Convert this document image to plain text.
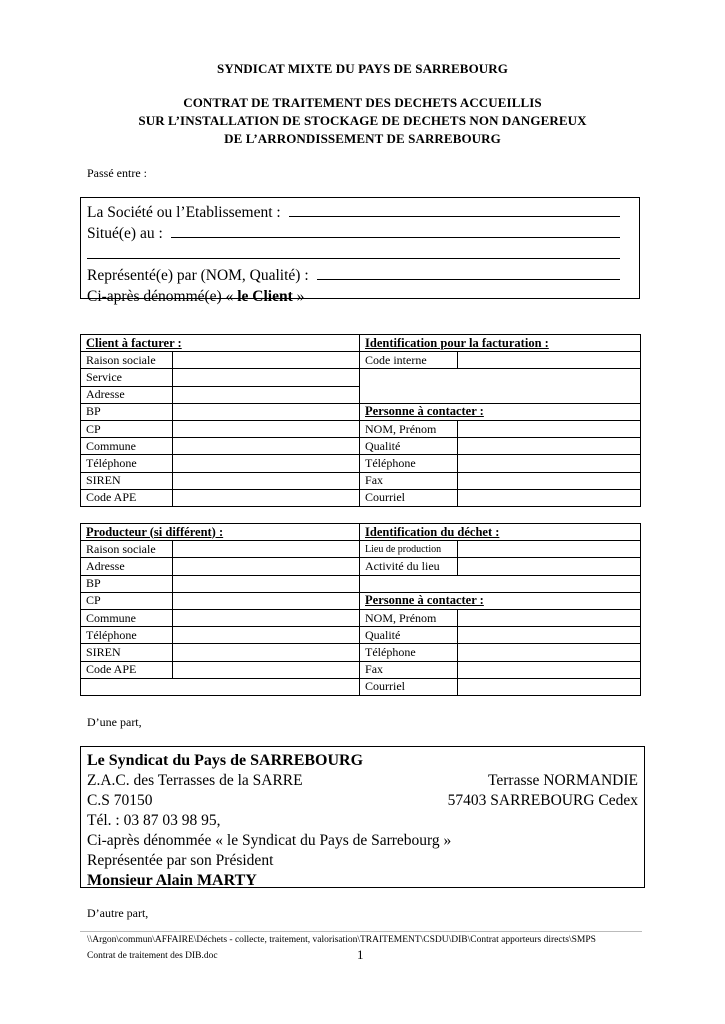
SYNDICAT MIXTE DU PAYS DE SARREBOURG
CONTRAT DE TRAITEMENT DES DECHETS ACCUEILLIS
SUR L’INSTALLATION DE STOCKAGE DE DECHETS NON DANGEREUX
DE L’ARRONDISSEMENT DE SARREBOURG
Passé entre :
La Société ou l’Etablissement :
Situé(e) au :
Représenté(e) par (NOM, Qualité) :
Ci-après dénommé(e) «
le Client
»
Client à facturer :		Identification pour la facturation :	
Raison sociale		Code interne	
Service			
Adresse			
BP		Personne à contacter :	
CP		NOM, Prénom	
Commune		Qualité	
Téléphone		Téléphone	
SIREN		Fax	
Code APE		Courriel	
Producteur (si différent) :		Identification du déchet :	
Raison sociale		Lieu de production	
Adresse		Activité du lieu	
BP			
CP		Personne à contacter :	
Commune		NOM, Prénom	
Téléphone		Qualité	
SIREN		Téléphone	
Code APE		Fax	
		Courriel	
D’une part,
Le Syndicat du Pays de SARREBOURG
Z.A.C. des Terrasses de la SARRE	Terrasse NORMANDIE
C.S 70150	57403 SARREBOURG Cedex
Tél. : 03 87 03 98 95,
Ci-après dénommée « le Syndicat du Pays de Sarrebourg »
Représentée par son Président
Monsieur Alain MARTY
D’autre part,
\\Argon\commun\AFFAIRE\Déchets - collecte, traitement, valorisation\TRAITEMENT\CSDU\DIB\Contrat apporteurs directs\SMPS
Contrat de traitement des DIB.doc	1
